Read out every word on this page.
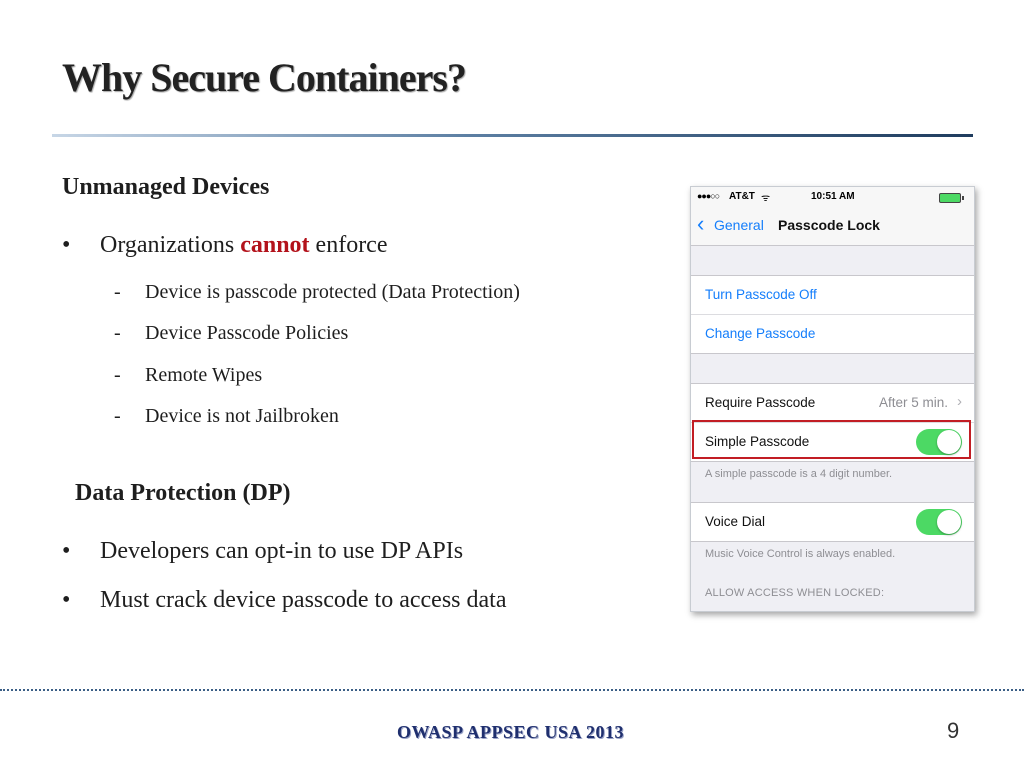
Why Secure Containers?
Unmanaged Devices
• Organizations cannot enforce
- Device is passcode protected (Data Protection)
- Device Passcode Policies
- Remote Wipes
- Device is not Jailbroken
Data Protection (DP)
• Developers can opt-in to use DP APIs
• Must crack device passcode to access data
●●●○○ AT&T ᯤ	10:51 AM
‹ General Passcode Lock
Turn Passcode Off
Change Passcode
Require Passcode	After 5 min. ›
Simple Passcode
A simple passcode is a 4 digit number.
Voice Dial
Music Voice Control is always enabled.
ALLOW ACCESS WHEN LOCKED:
OWASP APPSEC USA 2013	9
